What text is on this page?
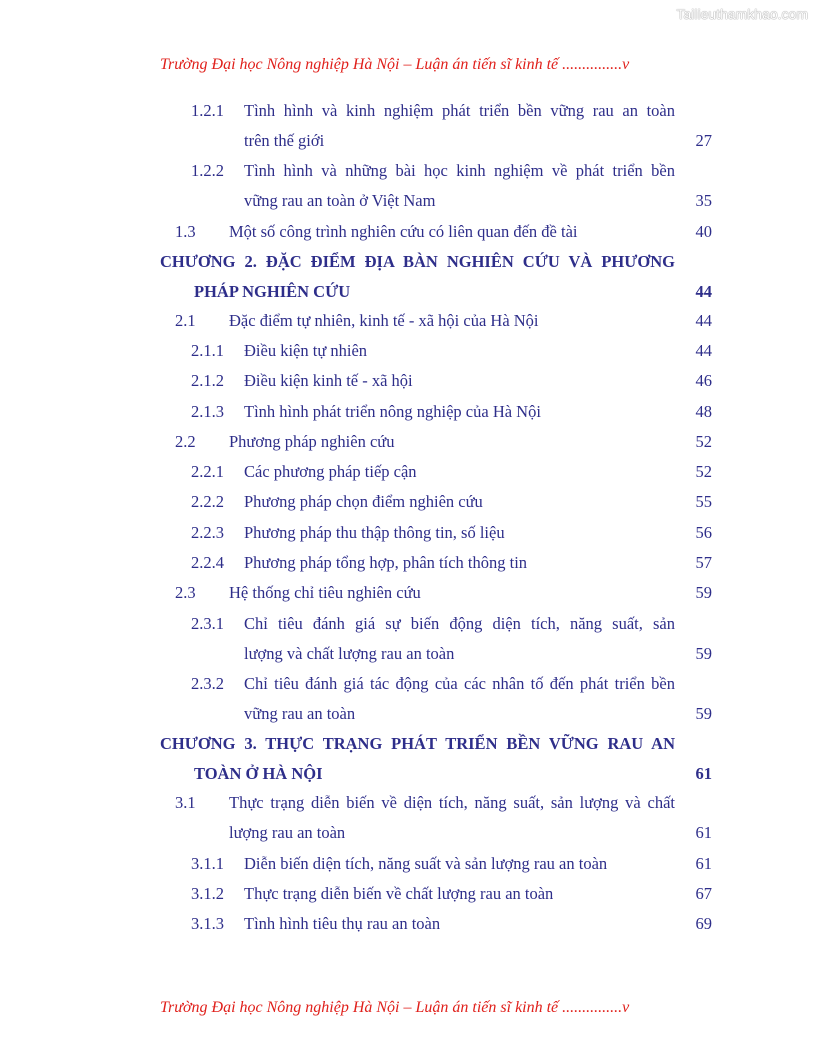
Tailieuthamkhao.com
Trường Đại học Nông nghiệp Hà Nội – Luận án tiến sĩ kinh tế ...............v
1.2.1 Tình hình và kinh nghiệm phát triển bền vững rau an toàn
trên thế giới	27
1.2.2 Tình hình và những bài học kinh nghiệm về phát triển bền
vững rau an toàn ở Việt Nam	35
1.3 Một số công trình nghiên cứu có liên quan đến đề tài	40
CHƯƠNG 2. ĐẶC ĐIỂM ĐỊA BÀN NGHIÊN CỨU VÀ PHƯƠNG
PHÁP NGHIÊN CỨU	44
2.1 Đặc điểm tự nhiên, kinh tế - xã hội của Hà Nội	44
2.1.1 Điều kiện tự nhiên	44
2.1.2 Điều kiện kinh tế - xã hội	46
2.1.3 Tình hình phát triển nông nghiệp của Hà Nội	48
2.2 Phương pháp nghiên cứu	52
2.2.1 Các phương pháp tiếp cận	52
2.2.2 Phương pháp chọn điểm nghiên cứu	55
2.2.3 Phương pháp thu thập thông tin, số liệu	56
2.2.4 Phương pháp tổng hợp, phân tích thông tin	57
2.3 Hệ thống chỉ tiêu nghiên cứu	59
2.3.1 Chỉ tiêu đánh giá sự biến động diện tích, năng suất, sản
lượng và chất lượng rau an toàn	59
2.3.2 Chỉ tiêu đánh giá tác động của các nhân tố đến phát triển bền
vững rau an toàn	59
CHƯƠNG 3. THỰC TRẠNG PHÁT TRIỂN BỀN VỮNG RAU AN
TOÀN Ở HÀ NỘI	61
3.1 Thực trạng diễn biến về diện tích, năng suất, sản lượng và chất
lượng rau an toàn	61
3.1.1 Diễn biến diện tích, năng suất và sản lượng rau an toàn	61
3.1.2 Thực trạng diễn biến về chất lượng rau an toàn	67
3.1.3 Tình hình tiêu thụ rau an toàn	69
Trường Đại học Nông nghiệp Hà Nội – Luận án tiến sĩ kinh tế ...............v
